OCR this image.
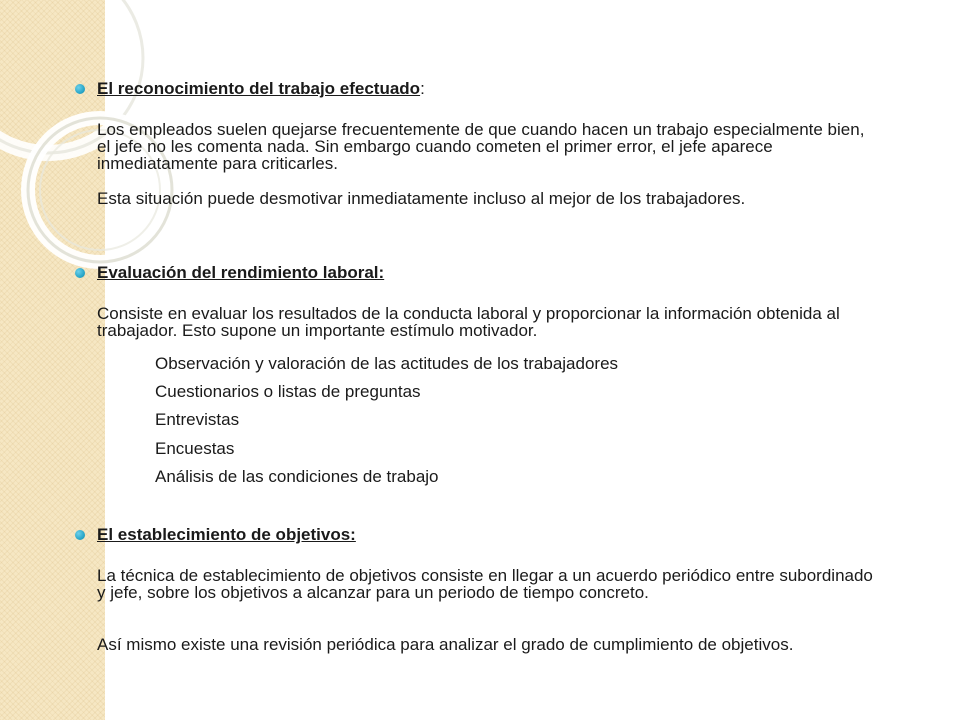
El reconocimiento del trabajo efectuado:
Los empleados suelen quejarse frecuentemente de que cuando hacen un trabajo especialmente bien, el jefe no les comenta nada. Sin embargo cuando cometen el primer error, el jefe aparece inmediatamente para criticarles.
Esta situación puede desmotivar inmediatamente incluso al mejor de los trabajadores.
Evaluación del rendimiento laboral:
Consiste en evaluar los resultados de la conducta laboral y proporcionar la información obtenida al trabajador. Esto supone un importante estímulo motivador.
Observación y valoración de las actitudes de los trabajadores
Cuestionarios o listas de preguntas
Entrevistas
Encuestas
Análisis de las condiciones de trabajo
El establecimiento de objetivos:
La técnica de establecimiento de objetivos consiste en llegar a un acuerdo periódico entre subordinado y jefe, sobre los objetivos a alcanzar para un periodo de tiempo concreto.
Así mismo existe una revisión periódica para analizar el grado de cumplimiento de objetivos.
